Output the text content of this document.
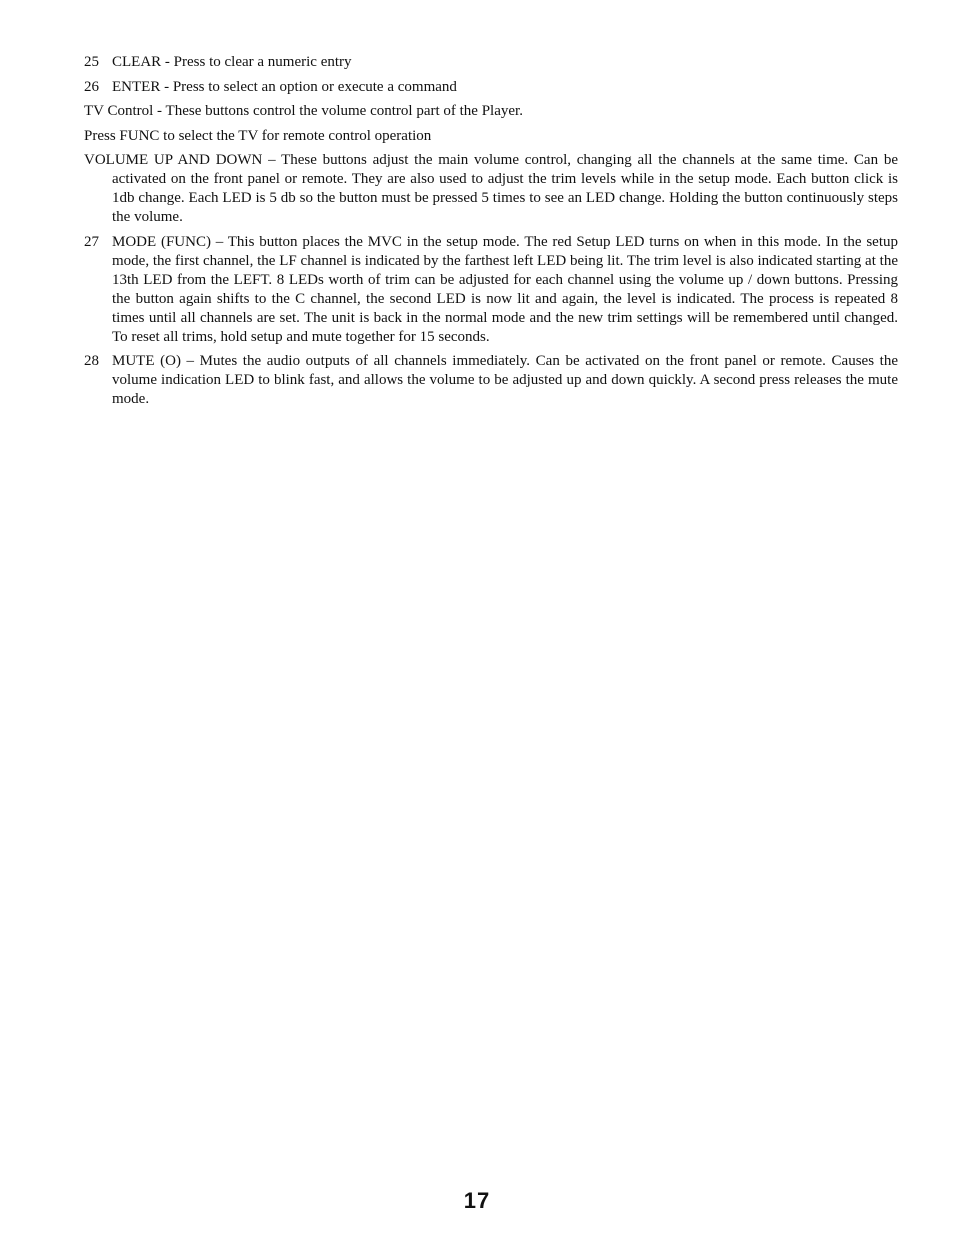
25 CLEAR - Press to clear a numeric entry
26 ENTER - Press to select an option or execute a command
TV Control - These buttons control the volume control part of the Player.
Press FUNC to select the TV for remote control operation
VOLUME UP AND DOWN – These buttons adjust the main volume control, changing all the channels at the same time. Can be activated on the front panel or remote. They are also used to adjust the trim levels while in the setup mode. Each button click is 1db change. Each LED is 5 db so the button must be pressed 5 times to see an LED change. Holding the button continuously steps the volume.
27 MODE (FUNC) – This button places the MVC in the setup mode. The red Setup LED turns on when in this mode. In the setup mode, the first channel, the LF channel is indicated by the farthest left LED being lit. The trim level is also indicated starting at the 13th LED from the LEFT. 8 LEDs worth of trim can be adjusted for each channel using the volume up / down buttons. Pressing the button again shifts to the C channel, the second LED is now lit and again, the level is indicated. The process is repeated 8 times until all channels are set. The unit is back in the normal mode and the new trim settings will be remembered until changed. To reset all trims, hold setup and mute together for 15 seconds.
28 MUTE (O) – Mutes the audio outputs of all channels immediately. Can be activated on the front panel or remote. Causes the volume indication LED to blink fast, and allows the volume to be adjusted up and down quickly. A second press releases the mute mode.
17
